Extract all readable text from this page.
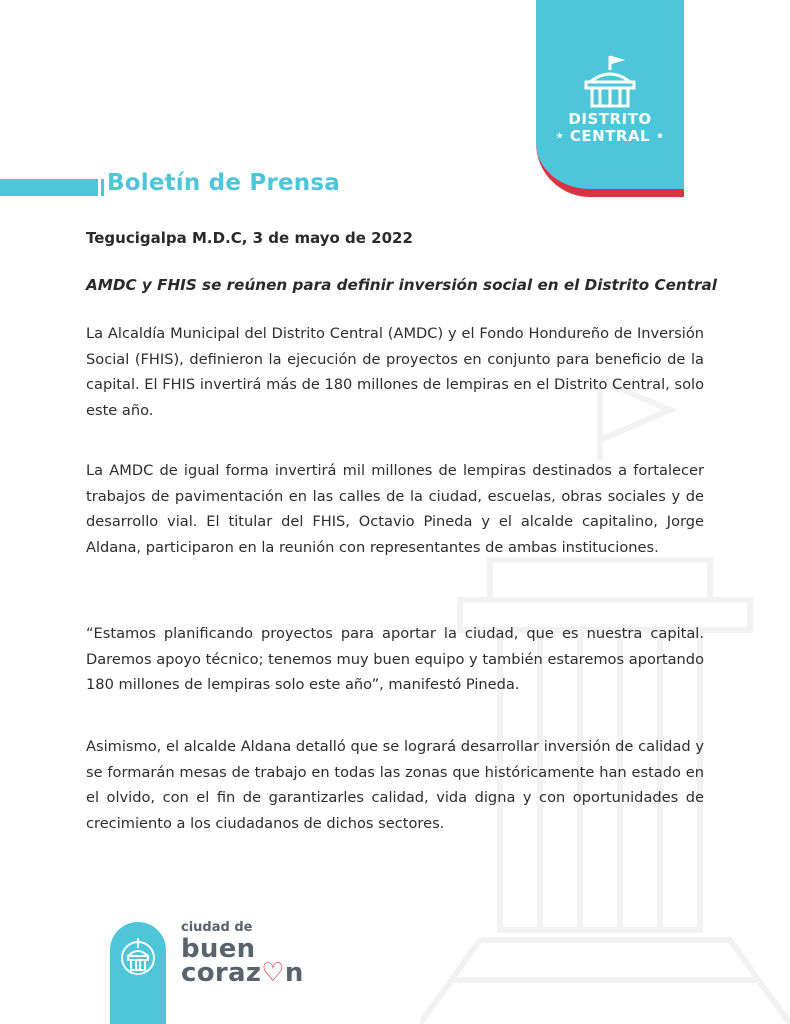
DISTRITO
★ CENTRAL ★
Boletín de Prensa
Tegucigalpa M.D.C, 3 de mayo de 2022
AMDC y FHIS se reúnen para definir inversión social en el Distrito Central

La Alcaldía Municipal del Distrito Central (AMDC) y el Fondo Hondureño de Inversión Social (FHIS), definieron la ejecución de proyectos en conjunto para beneficio de la capital. El FHIS invertirá más de 180 millones de lempiras en el Distrito Central, solo este año.

La AMDC de igual forma invertirá mil millones de lempiras destinados a fortalecer trabajos de pavimentación en las calles de la ciudad, escuelas, obras sociales y de desarrollo vial. El titular del FHIS, Octavio Pineda y el alcalde capitalino, Jorge Aldana, participaron en la reunión con representantes de ambas instituciones.

“Estamos planificando proyectos para aportar la ciudad, que es nuestra capital. Daremos apoyo técnico; tenemos muy buen equipo y también estaremos aportando 180 millones de lempiras solo este año”, manifestó Pineda.

Asimismo, el alcalde Aldana detalló que se logrará desarrollar inversión de calidad y se formarán mesas de trabajo en todas las zonas que históricamente han estado en el olvido, con el fin de garantizarles calidad, vida digna y con oportunidades de crecimiento a los ciudadanos de dichos sectores.

ciudad de
buen
coraz♡n
